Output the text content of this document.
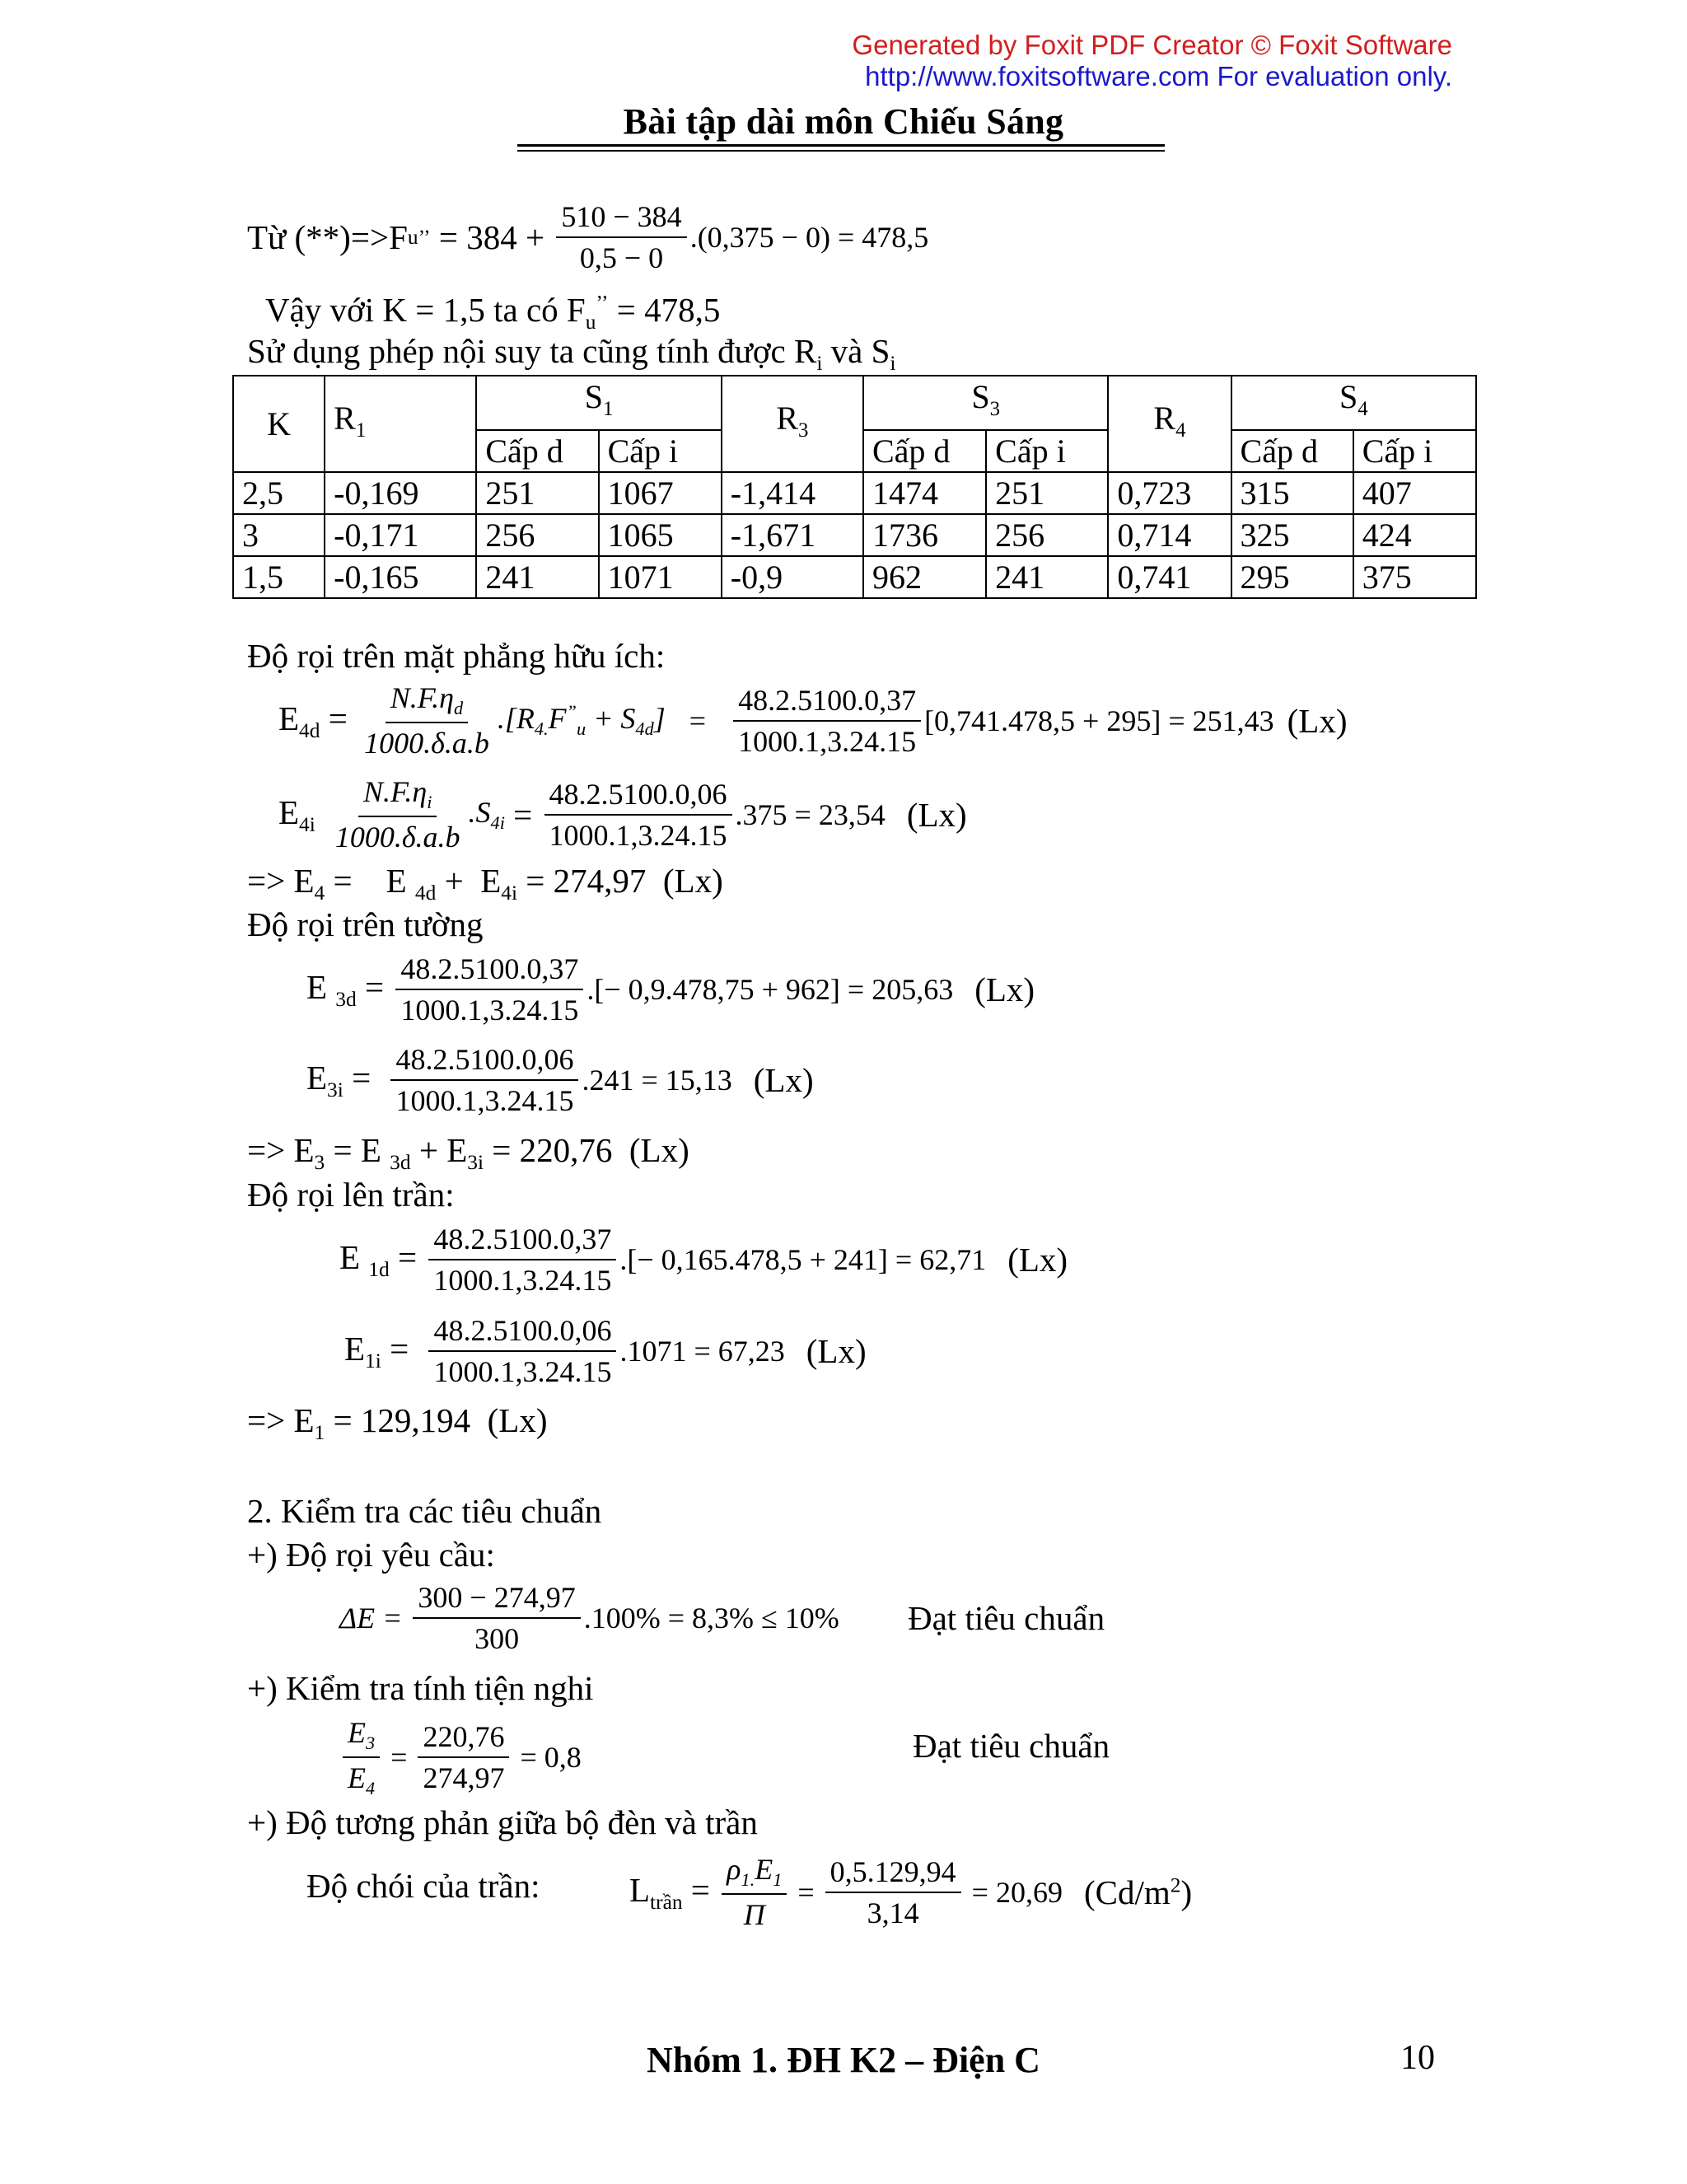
Generated by Foxit PDF Creator © Foxit Software
http://www.foxitsoftware.com For evaluation only.
Bài tập dài môn Chiếu Sáng
Từ (**)=>F u ’’ = $384 + \frac{510 - 384}{0,5 - 0} .(0,375 - 0) = 478,5$
Vậy với K = 1,5 ta có $F_u^{’’} = 478,5$
Sử dụng phép nội suy ta cũng tính được $R_i$ và $S_i$
K	$R_1$	$S_1$		$R_3$	$S_3$		$R_4$	$S_4$
		Cấp d	Cấp i		Cấp d	Cấp i		Cấp d	Cấp i
2,5	-0,169	251	1067	-1,414	1474	251	0,723	315	407
3	-0,171	256	1065	-1,671	1736	256	0,714	325	424
1,5	-0,165	241	1071	-0,9	962	241	0,741	295	375
Độ rọi trên mặt phẳng hữu ích:
$E_{4d} = \frac{N.F.\eta_d}{1000.\delta.a.b} .[R_{4.}F^”_u + S_{4d}] = \frac{48.2.5100.0,37}{1000.1,3.24.15} [0,741.478,5 + 295] = 251,43$ (Lx)
$E_{4i} \frac{N.F.\eta_i}{1000.\delta.a.b} .S_{4i} = \frac{48.2.5100.0,06}{1000.1,3.24.15} .375 = 23,54$ (Lx)
=> $E_4$ =    E $_{4d} + E_{4i} = 274,97$  (Lx)
Độ rọi trên tường
E $_{3d} = \frac{48.2.5100.0,37}{1000.1,3.24.15}$ .[− 0,9.478,75 + 962] = 205,63 (Lx)
$E_{3i} = \frac{48.2.5100.0,06}{1000.1,3.24.15} .241 = 15,13$ (Lx)
=> $E_3 = E$ $_{3d} + E_{3i} = 220,76$  (Lx)
Độ rọi lên trần:
E $_{1d} = \frac{48.2.5100.0,37}{1000.1,3.24.15}$ .[− 0,165.478,5 + 241] = 62,71 (Lx)
$E_{1i} = \frac{48.2.5100.0,06}{1000.1,3.24.15} .1071 = 67,23$ (Lx)
=> $E_1 = 129,194$  (Lx)
2. Kiểm tra các tiêu chuẩn
+) Độ rọi yêu cầu:
$\Delta E = \frac{300 - 274,97}{300} .100\% = 8,3\% \le 10\%$ Đạt tiêu chuẩn
+) Kiểm tra tính tiện nghi
$\frac{E_3}{E_4} = \frac{220,76}{274,97} = 0,8$	Đạt tiêu chuẩn
+) Độ tương phản giữa bộ đèn và trần
Độ chói của trần:	$L_{trần} = \frac{\rho_{1.}E_1}{\Pi} = \frac{0,5.129,94}{3,14} = 20,69$ $(Cd/m^2)$
Nhóm 1. ĐH K2 – Điện C	10
